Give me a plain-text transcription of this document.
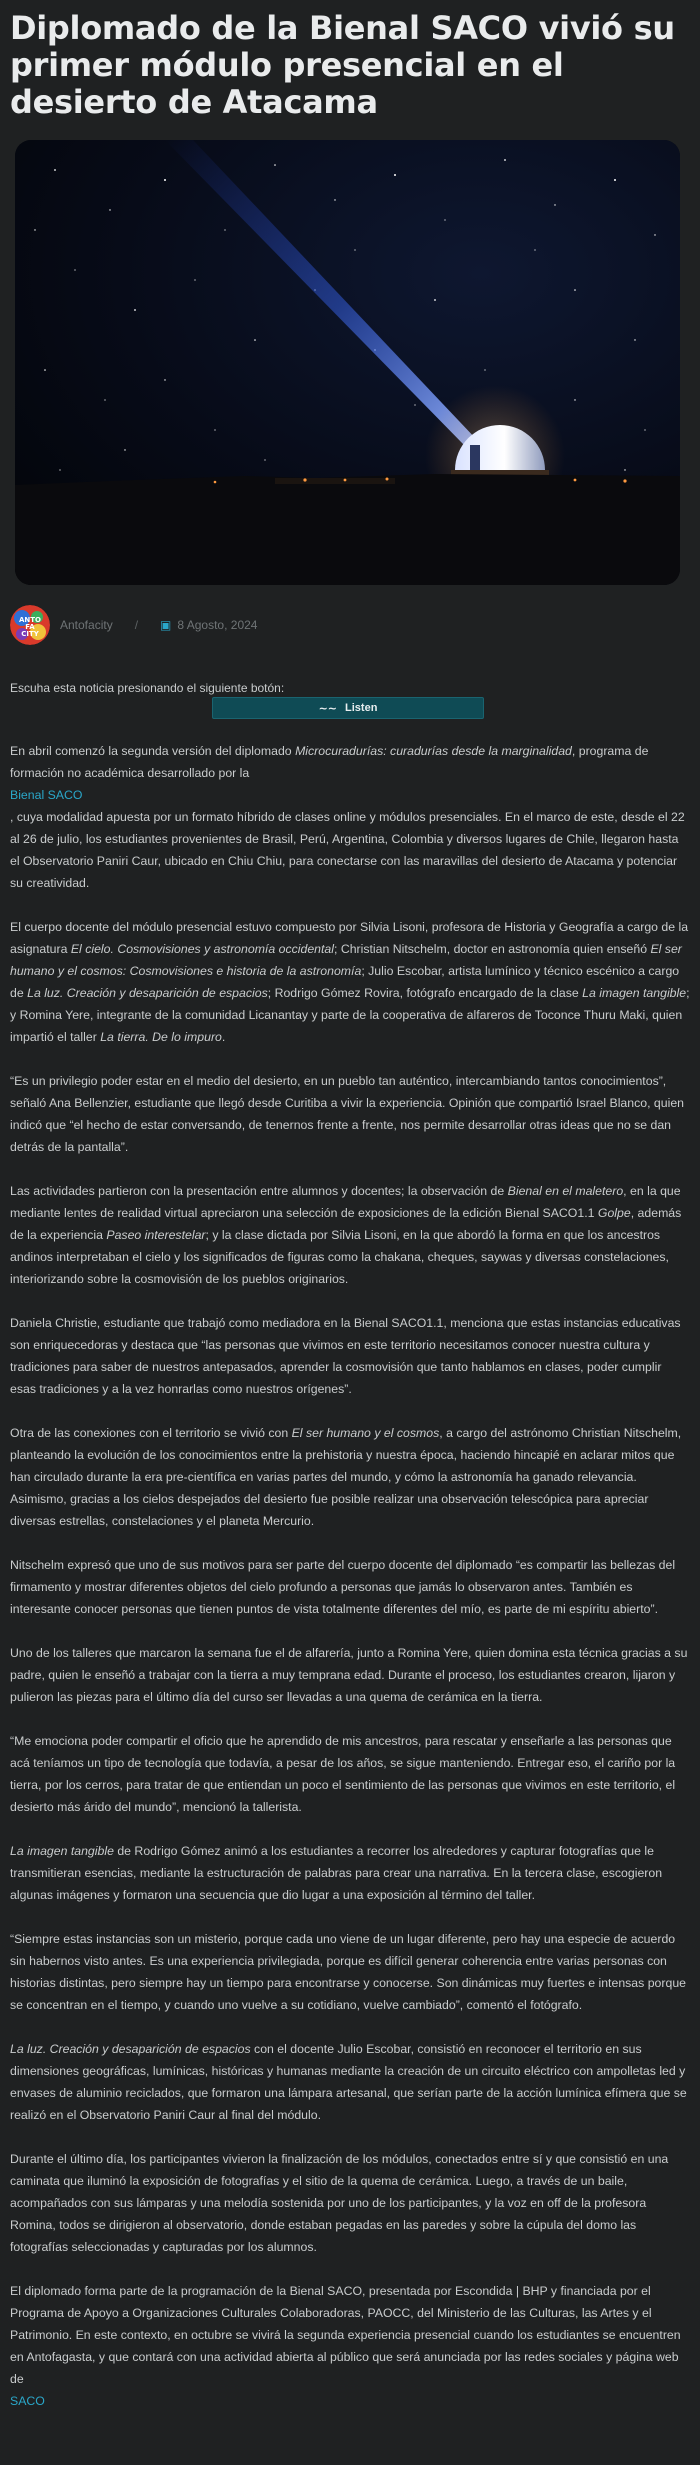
Diplomado de la Bienal SACO vivió su primer módulo presencial en el desierto de Atacama
ANTO
FA
CITY
Antofacity / ▣ 8 Agosto, 2024
Escuha esta noticia presionando el siguiente botón:
∼∼ Listen

En abril comenzó la segunda versión del diplomado Microcuradurías: curadurías desde la marginalidad, programa de formación no académica desarrollado por la
Bienal SACO
, cuya modalidad apuesta por un formato híbrido de clases online y módulos presenciales. En el marco de este, desde el 22 al 26 de julio, los estudiantes provenientes de Brasil, Perú, Argentina, Colombia y diversos lugares de Chile, llegaron hasta el Observatorio Paniri Caur, ubicado en Chiu Chiu, para conectarse con las maravillas del desierto de Atacama y potenciar su creatividad.

El cuerpo docente del módulo presencial estuvo compuesto por Silvia Lisoni, profesora de Historia y Geografía a cargo de la asignatura El cielo. Cosmovisiones y astronomía occidental; Christian Nitschelm, doctor en astronomía quien enseñó El ser humano y el cosmos: Cosmovisiones e historia de la astronomía; Julio Escobar, artista lumínico y técnico escénico a cargo de La luz. Creación y desaparición de espacios; Rodrigo Gómez Rovira, fotógrafo encargado de la clase La imagen tangible; y Romina Yere, integrante de la comunidad Licanantay y parte de la cooperativa de alfareros de Toconce Thuru Maki, quien impartió el taller La tierra. De lo impuro.

“Es un privilegio poder estar en el medio del desierto, en un pueblo tan auténtico, intercambiando tantos conocimientos”, señaló Ana Bellenzier, estudiante que llegó desde Curitiba a vivir la experiencia. Opinión que compartió Israel Blanco, quien indicó que “el hecho de estar conversando, de tenernos frente a frente, nos permite desarrollar otras ideas que no se dan detrás de la pantalla”.

Las actividades partieron con la presentación entre alumnos y docentes; la observación de Bienal en el maletero, en la que mediante lentes de realidad virtual apreciaron una selección de exposiciones de la edición Bienal SACO1.1 Golpe, además de la experiencia Paseo interestelar; y la clase dictada por Silvia Lisoni, en la que abordó la forma en que los ancestros andinos interpretaban el cielo y los significados de figuras como la chakana, cheques, saywas y diversas constelaciones, interiorizando sobre la cosmovisión de los pueblos originarios.

Daniela Christie, estudiante que trabajó como mediadora en la Bienal SACO1.1, menciona que estas instancias educativas son enriquecedoras y destaca que “las personas que vivimos en este territorio necesitamos conocer nuestra cultura y tradiciones para saber de nuestros antepasados, aprender la cosmovisión que tanto hablamos en clases, poder cumplir esas tradiciones y a la vez honrarlas como nuestros orígenes”.

Otra de las conexiones con el territorio se vivió con El ser humano y el cosmos, a cargo del astrónomo Christian Nitschelm, planteando la evolución de los conocimientos entre la prehistoria y nuestra época, haciendo hincapié en aclarar mitos que han circulado durante la era pre-científica en varias partes del mundo, y cómo la astronomía ha ganado relevancia. Asimismo, gracias a los cielos despejados del desierto fue posible realizar una observación telescópica para apreciar diversas estrellas, constelaciones y el planeta Mercurio.

Nitschelm expresó que uno de sus motivos para ser parte del cuerpo docente del diplomado “es compartir las bellezas del firmamento y mostrar diferentes objetos del cielo profundo a personas que jamás lo observaron antes. También es interesante conocer personas que tienen puntos de vista totalmente diferentes del mío, es parte de mi espíritu abierto”.

Uno de los talleres que marcaron la semana fue el de alfarería, junto a Romina Yere, quien domina esta técnica gracias a su padre, quien le enseñó a trabajar con la tierra a muy temprana edad. Durante el proceso, los estudiantes crearon, lijaron y pulieron las piezas para el último día del curso ser llevadas a una quema de cerámica en la tierra.

“Me emociona poder compartir el oficio que he aprendido de mis ancestros, para rescatar y enseñarle a las personas que acá teníamos un tipo de tecnología que todavía, a pesar de los años, se sigue manteniendo. Entregar eso, el cariño por la tierra, por los cerros, para tratar de que entiendan un poco el sentimiento de las personas que vivimos en este territorio, el desierto más árido del mundo”, mencionó la tallerista.

La imagen tangible de Rodrigo Gómez animó a los estudiantes a recorrer los alrededores y capturar fotografías que le transmitieran esencias, mediante la estructuración de palabras para crear una narrativa. En la tercera clase, escogieron algunas imágenes y formaron una secuencia que dio lugar a una exposición al término del taller.

“Siempre estas instancias son un misterio, porque cada uno viene de un lugar diferente, pero hay una especie de acuerdo sin habernos visto antes. Es una experiencia privilegiada, porque es difícil generar coherencia entre varias personas con historias distintas, pero siempre hay un tiempo para encontrarse y conocerse. Son dinámicas muy fuertes e intensas porque se concentran en el tiempo, y cuando uno vuelve a su cotidiano, vuelve cambiado”, comentó el fotógrafo.

La luz. Creación y desaparición de espacios con el docente Julio Escobar, consistió en reconocer el territorio en sus dimensiones geográficas, lumínicas, históricas y humanas mediante la creación de un circuito eléctrico con ampolletas led y envases de aluminio reciclados, que formaron una lámpara artesanal, que serían parte de la acción lumínica efímera que se realizó en el Observatorio Paniri Caur al final del módulo.

Durante el último día, los participantes vivieron la finalización de los módulos, conectados entre sí y que consistió en una caminata que iluminó la exposición de fotografías y el sitio de la quema de cerámica. Luego, a través de un baile, acompañados con sus lámparas y una melodía sostenida por uno de los participantes, y la voz en off de la profesora Romina, todos se dirigieron al observatorio, donde estaban pegadas en las paredes y sobre la cúpula del domo las fotografías seleccionadas y capturadas por los alumnos.

El diplomado forma parte de la programación de la Bienal SACO, presentada por Escondida | BHP y financiada por el Programa de Apoyo a Organizaciones Culturales Colaboradoras, PAOCC, del Ministerio de las Culturas, las Artes y el Patrimonio. En este contexto, en octubre se vivirá la segunda experiencia presencial cuando los estudiantes se encuentren en Antofagasta, y que contará con una actividad abierta al público que será anunciada por las redes sociales y página web de
SACO
